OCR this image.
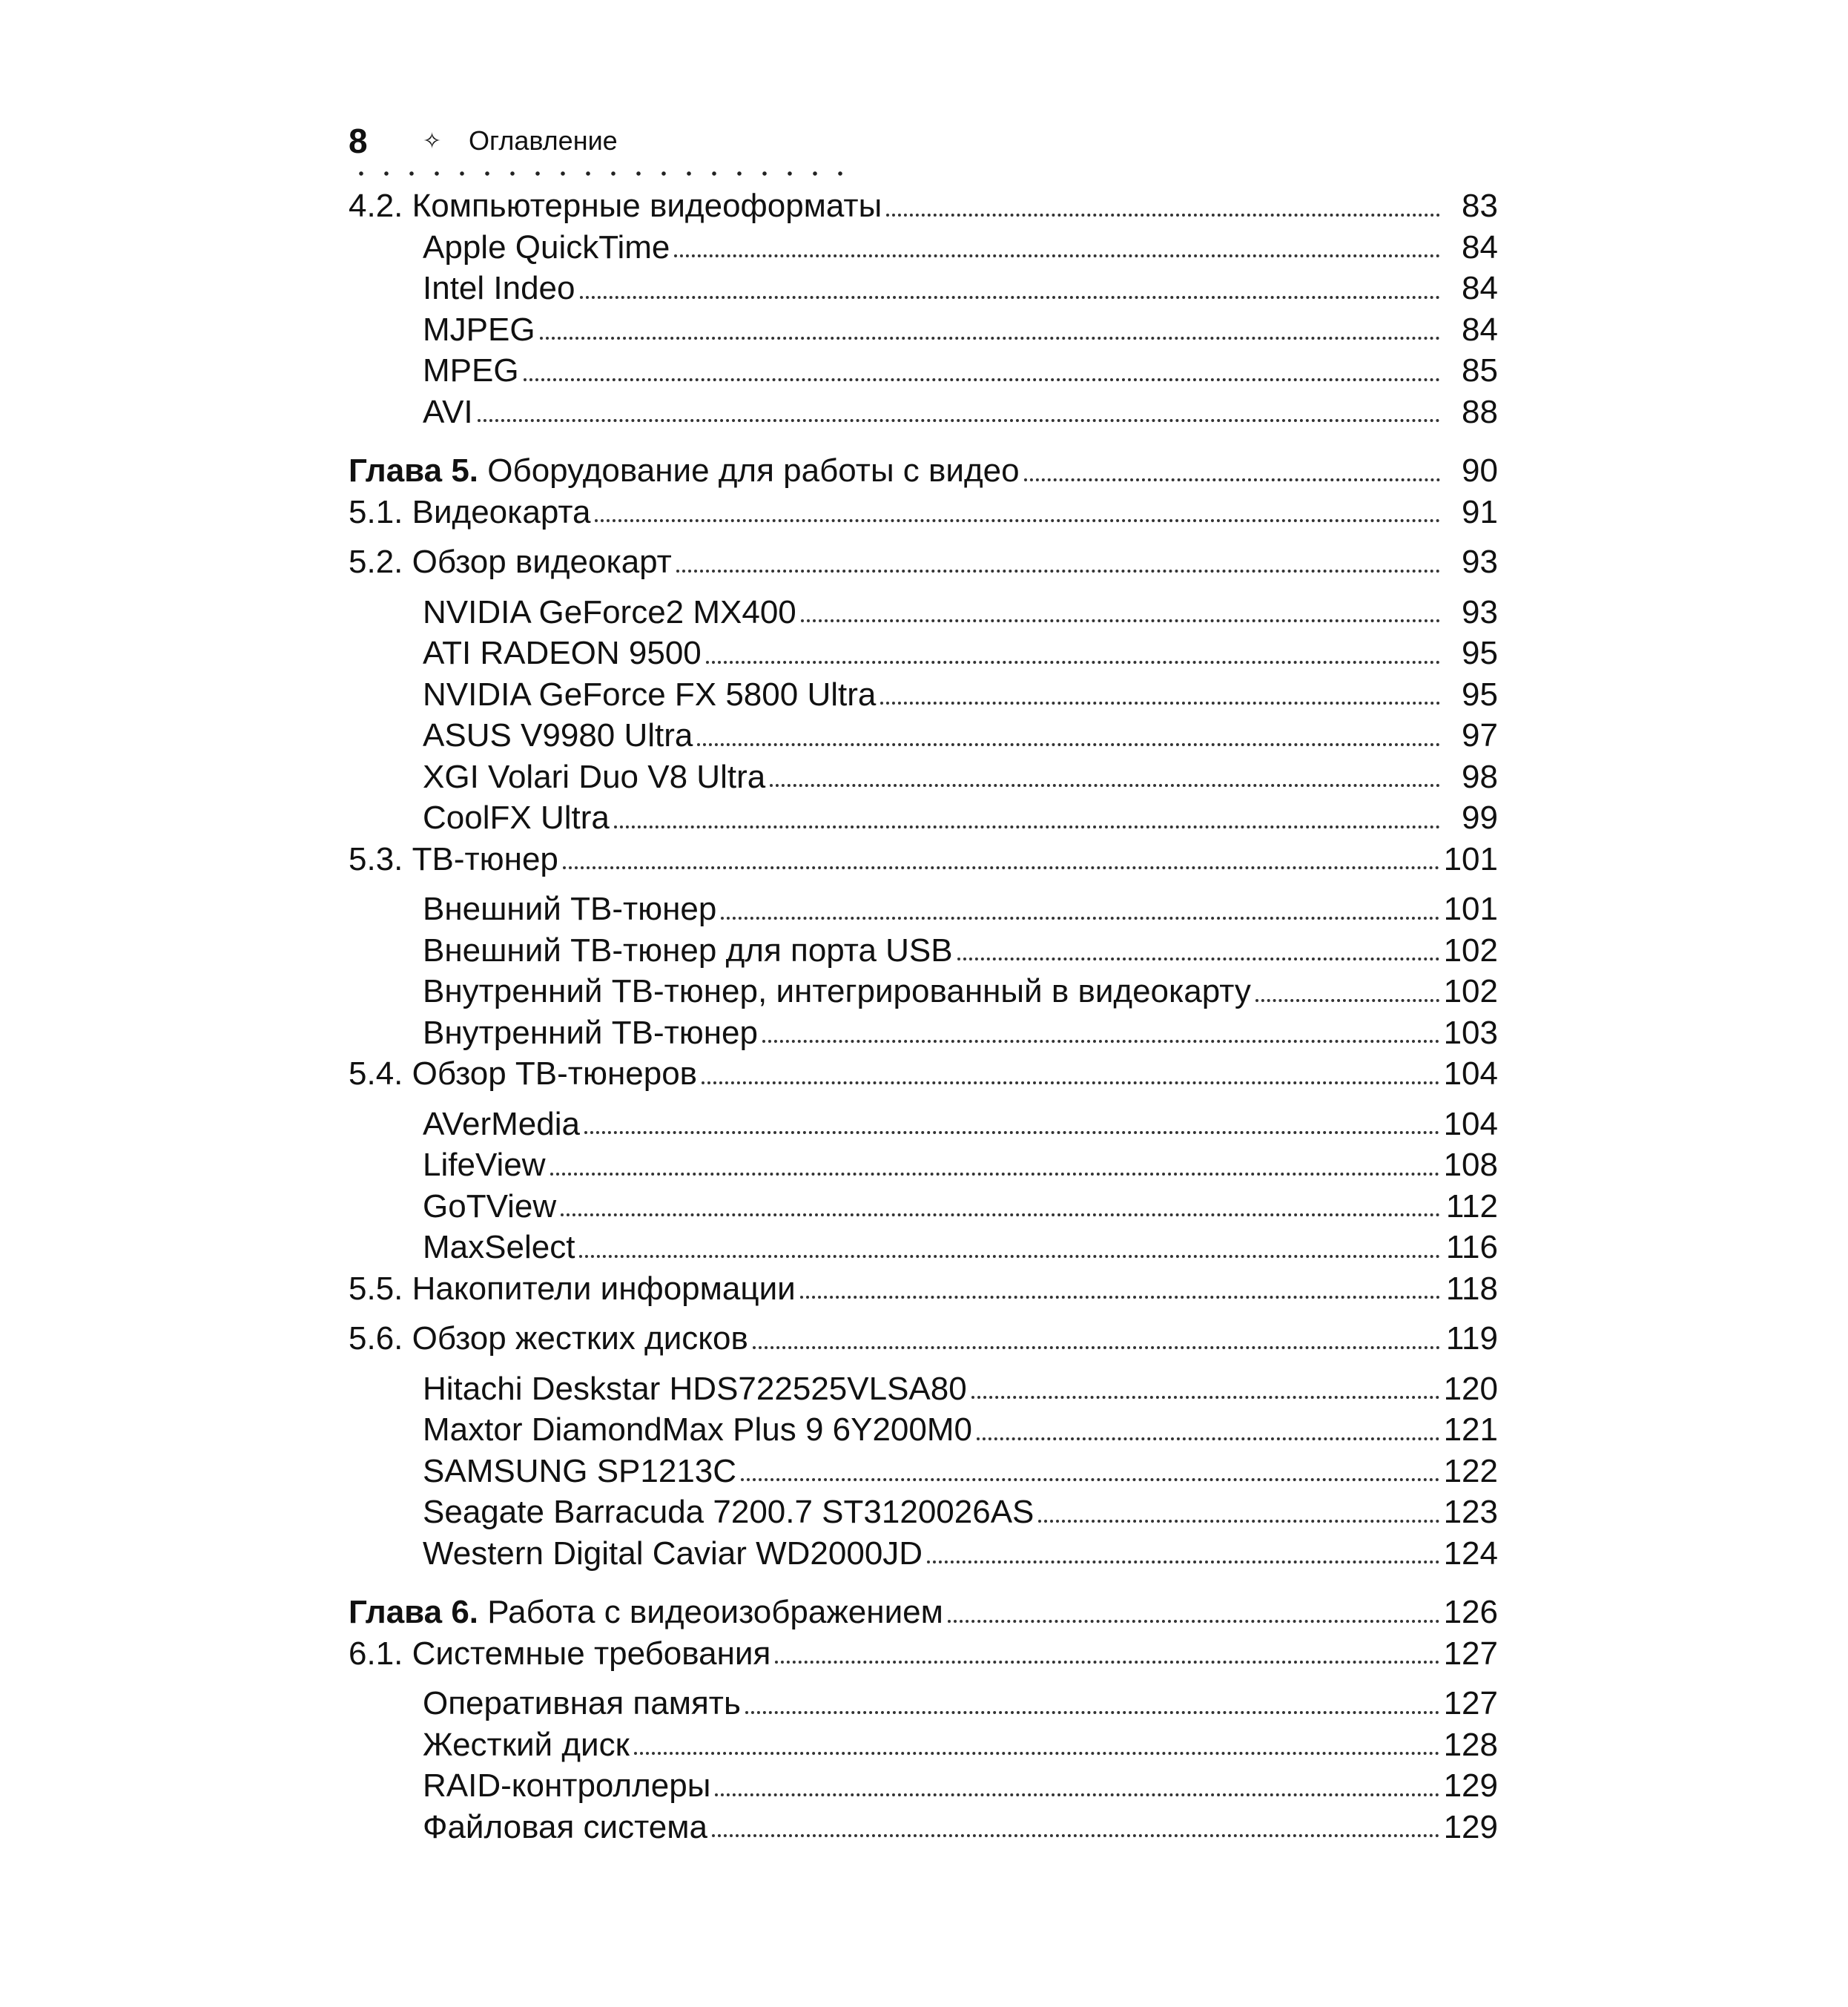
8	✧	Оглавление
4.2. Компьютерные видеоформаты	83
Apple QuickTime	84
Intel Indeo	84
MJPEG	84
MPEG	85
AVI	88
Глава 5. Оборудование для работы с видео	90
5.1. Видеокарта	91
5.2. Обзор видеокарт	93
NVIDIA GeForce2 MX400	93
ATI RADEON 9500	95
NVIDIA GeForce FX 5800 Ultra	95
ASUS V9980 Ultra	97
XGI Volari Duo V8 Ultra	98
CoolFX Ultra	99
5.3. ТВ-тюнер	101
Внешний ТВ-тюнер	101
Внешний ТВ-тюнер для порта USB	102
Внутренний ТВ-тюнер, интегрированный в видеокарту	102
Внутренний ТВ-тюнер	103
5.4. Обзор ТВ-тюнеров	104
AVerMedia	104
LifeView	108
GoTView	112
MaxSelect	116
5.5. Накопители информации	118
5.6. Обзор жестких дисков	119
Hitachi Deskstar HDS722525VLSA80	120
Maxtor DiamondMax Plus 9 6Y200M0	121
SAMSUNG SP1213C	122
Seagate Barracuda 7200.7 ST3120026AS	123
Western Digital Caviar WD2000JD	124
Глава 6. Работа с видеоизображением	126
6.1. Системные требования	127
Оперативная память	127
Жесткий диск	128
RAID-контроллеры	129
Файловая система	129
